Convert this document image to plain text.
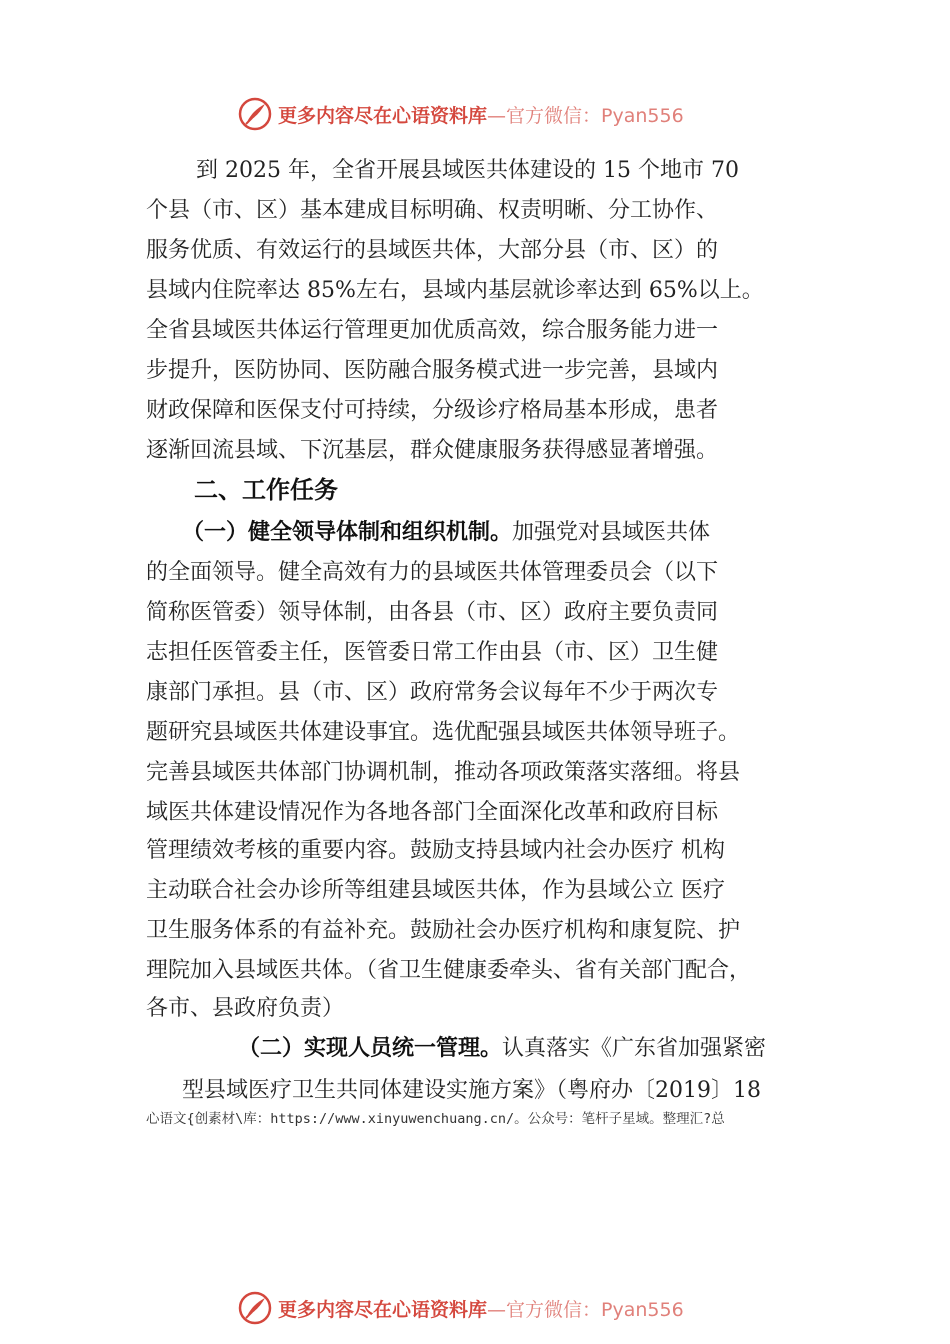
更多内容尽在心语资料库 —官方微信：Pyan556
到 2025 年，全省开展县域医共体建设的 15 个地市 70
个县（市、区）基本建成目标明确、权责明晰、分工协作、
服务优质、有效运行的县域医共体，大部分县（市、区）的
县域内住院率达 85%左右，县域内基层就诊率达到 65%以上。
全省县域医共体运行管理更加优质高效，综合服务能力进一
步提升，医防协同、医防融合服务模式进一步完善，县域内
财政保障和医保支付可持续，分级诊疗格局基本形成，患者
逐渐回流县域、下沉基层，群众健康服务获得感显著增强。
二、工作任务
（一）健全领导体制和组织机制。加强党对县域医共体
的全面领导。健全高效有力的县域医共体管理委员会（以下
简称医管委）领导体制，由各县（市、区）政府主要负责同
志担任医管委主任，医管委日常工作由县（市、区）卫生健
康部门承担。县（市、区）政府常务会议每年不少于两次专
题研究县域医共体建设事宜。选优配强县域医共体领导班子。
完善县域医共体部门协调机制，推动各项政策落实落细。将县
域医共体建设情况作为各地各部门全面深化改革和政府目标
管理绩效考核的重要内容。鼓励支持县域内社会办医疗 机构
主动联合社会办诊所等组建县域医共体，作为县域公立 医疗
卫生服务体系的有益补充。鼓励社会办医疗机构和康复院、护
理院加入县域医共体。（省卫生健康委牵头、省有关部门配合，
各市、县政府负责）
（二）实现人员统一管理。认真落实《广东省加强紧密
型县域医疗卫生共同体建设实施方案》（粤府办〔2019〕18
心语文{创素材\库：https://www.xinyuwenchuang.cn/。公众号：笔杆子星域。整理汇?总
更多内容尽在心语资料库 —官方微信：Pyan556
